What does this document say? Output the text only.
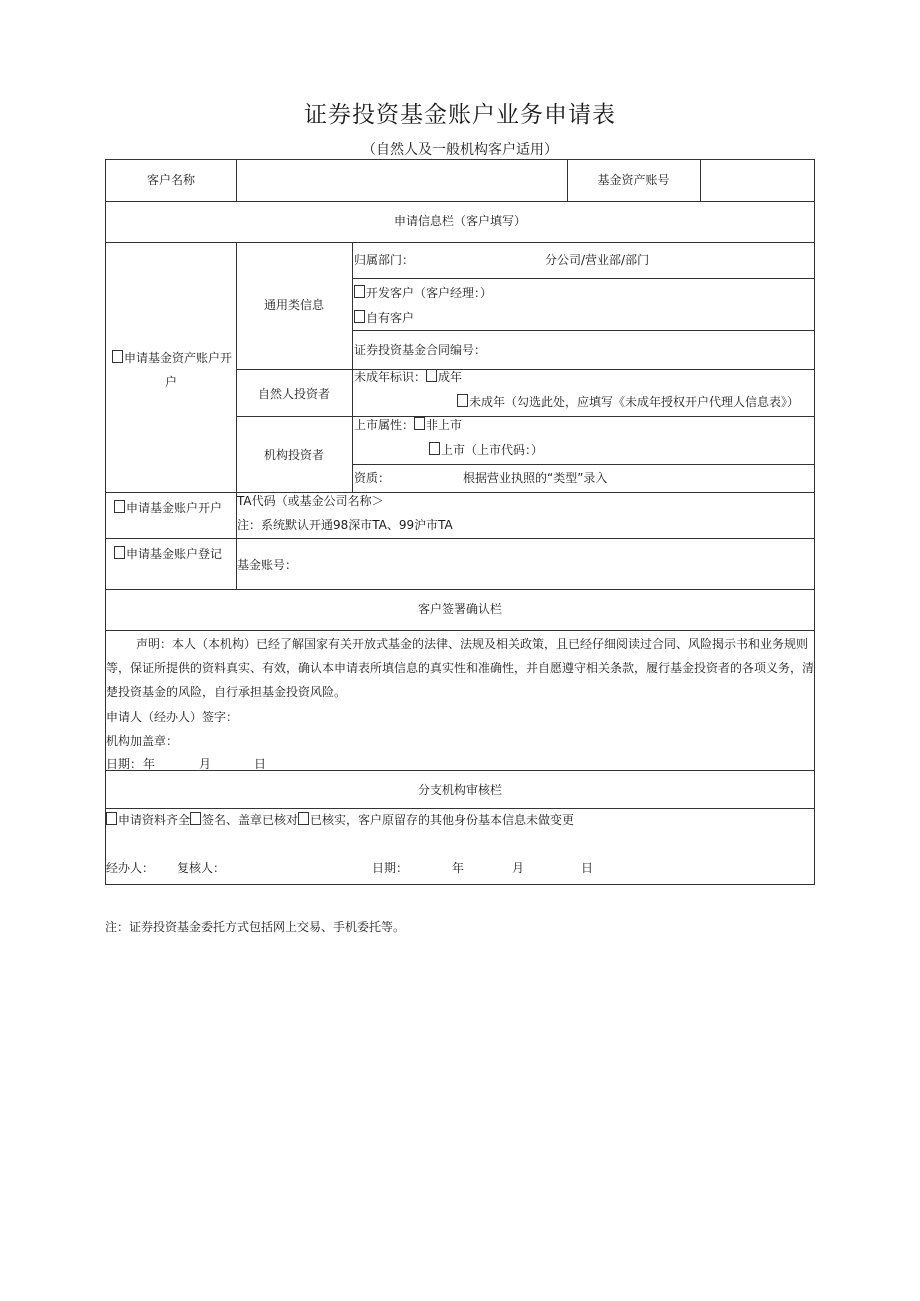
证券投资基金账户业务申请表
（自然人及一般机构客户适用）
客户名称	基金资产账号
申请信息栏（客户填写）
申请基金资产账户开
户
通用类信息
归属部门：	分公司/营业部/部门
开发客户（客户经理：）
自有客户
证券投资基金合同编号：
自然人投资者
未成年标识： 成年
未成年（勾选此处，应填写《未成年授权开户代理人信息表》）
机构投资者
上市属性： 非上市
上市（上市代码：）
资质：	根据营业执照的“类型”录入
申请基金账户开户 TA代码（或基金公司名称＞
注：系统默认开通98深市TA、99沪市TA
申请基金账户登记
基金账号：
客户签署确认栏
声明：本人（本机构）已经了解国家有关开放式基金的法律、法规及相关政策，且已经仔细阅读过合同、风险揭示书和业务规则等，保证所提供的资料真实、有效，确认本申请表所填信息的真实性和准确性，并自愿遵守相关条款，履行基金投资者的各项义务，清楚投资基金的风险，自行承担基金投资风险。
申请人（经办人）签字：
机构加盖章：
日期： 年	月	日
分支机构审核栏
申请资料齐全 签名、盖章已核对 已核实，客户原留存的其他身份基本信息未做变更
经办人： 复核人：	日期：	年	月	日
注：证券投资基金委托方式包括网上交易、手机委托等。
